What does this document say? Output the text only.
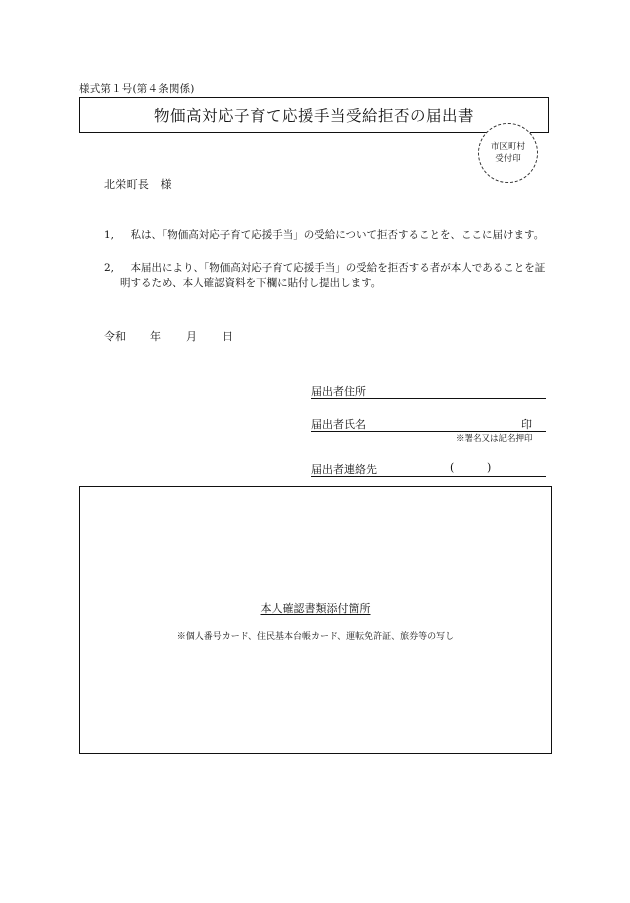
様式第１号(第４条関係)
物価高対応子育て応援手当受給拒否の届出書
市区町村
受付印
北栄町長　様
1,	私は、「物価高対応子育て応援手当」の受給について拒否することを、ここに届けます。
2,	本届出により、「物価高対応子育て応援手当」の受給を拒否する者が本人であることを証明するため、本人確認資料を下欄に貼付し提出します。
令和 年 月 日
届出者住所
届出者氏名	印
※署名又は記名押印
届出者連絡先	(	)
本人確認書類添付箇所
※個人番号カード、住民基本台帳カード、運転免許証、旅券等の写し
